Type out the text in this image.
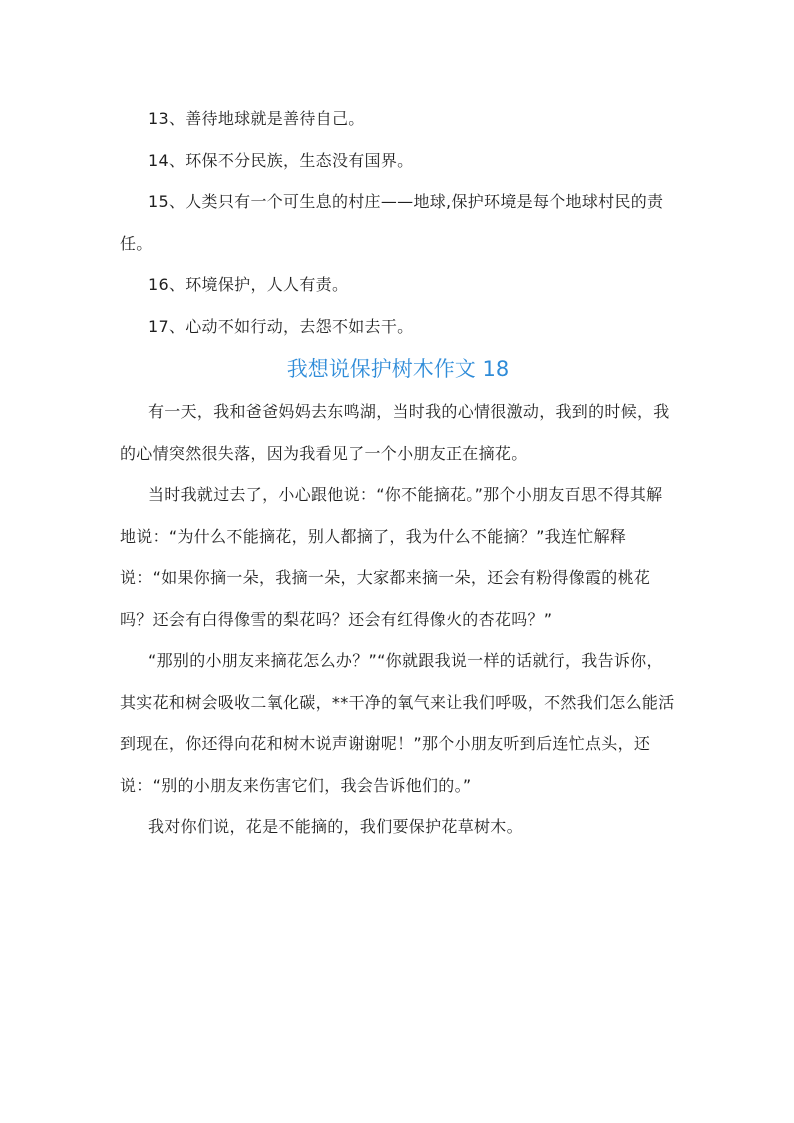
13、善待地球就是善待自己。

14、环保不分民族，生态没有国界。

15、人类只有一个可生息的村庄——地球,保护环境是每个地球村民的责任。

16、环境保护，人人有责。

17、心动不如行动，去怨不如去干。

我想说保护树木作文 18

有一天，我和爸爸妈妈去东鸣湖，当时我的心情很激动，我到的时候，我的心情突然很失落，因为我看见了一个小朋友正在摘花。

当时我就过去了，小心跟他说：“你不能摘花。”那个小朋友百思不得其解地说：“为什么不能摘花，别人都摘了，我为什么不能摘？”我连忙解释说：“如果你摘一朵，我摘一朵，大家都来摘一朵，还会有粉得像霞的桃花吗？还会有白得像雪的梨花吗？还会有红得像火的杏花吗？”

“那别的小朋友来摘花怎么办？”“你就跟我说一样的话就行，我告诉你，其实花和树会吸收二氧化碳，**干净的氧气来让我们呼吸，不然我们怎么能活到现在，你还得向花和树木说声谢谢呢！”那个小朋友听到后连忙点头，还说：“别的小朋友来伤害它们，我会告诉他们的。”

我对你们说，花是不能摘的，我们要保护花草树木。
